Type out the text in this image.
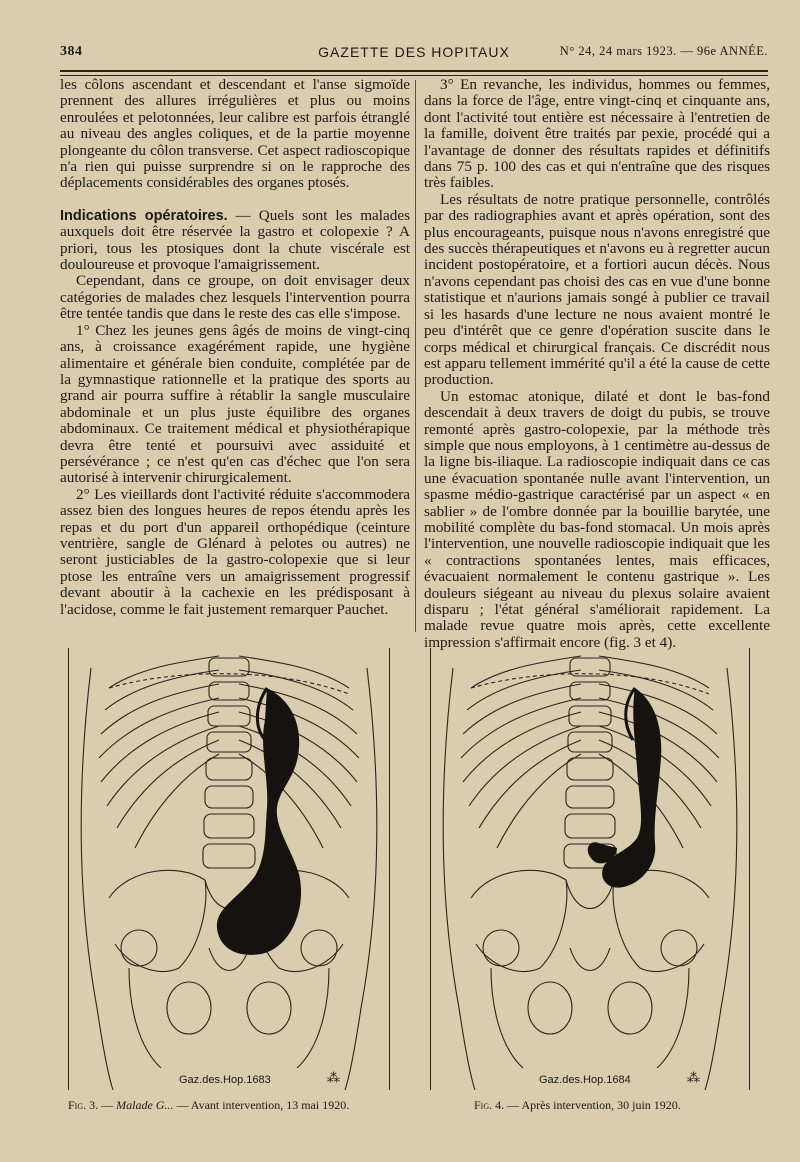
384	GAZETTE DES HOPITAUX	N° 24, 24 mars 1923. — 96e ANNÉE.

les côlons ascendant et descendant et l'anse sigmoïde prennent des allures irrégulières et plus ou moins enroulées et pelotonnées, leur calibre est parfois étranglé au niveau des angles coliques, et de la partie moyenne plongeante du côlon transverse. Cet aspect radioscopique n'a rien qui puisse surprendre si on le rapproche des déplacements considérables des organes ptosés.

Indications opératoires. — Quels sont les malades auxquels doit être réservée la gastro et colopexie ? A priori, tous les ptosiques dont la chute viscérale est douloureuse et provoque l'amaigrissement.

Cependant, dans ce groupe, on doit envisager deux catégories de malades chez lesquels l'intervention pourra être tentée tandis que dans le reste des cas elle s'impose.

1° Chez les jeunes gens âgés de moins de vingt-cinq ans, à croissance exagérément rapide, une hygiène alimentaire et générale bien conduite, complétée par de la gymnastique rationnelle et la pratique des sports au grand air pourra suffire à rétablir la sangle musculaire abdominale et un plus juste équilibre des organes abdominaux. Ce traitement médical et physiothérapique devra être tenté et poursuivi avec assiduité et persévérance ; ce n'est qu'en cas d'échec que l'on sera autorisé à intervenir chirurgicalement.

2° Les vieillards dont l'activité réduite s'accommodera assez bien des longues heures de repos étendu après les repas et du port d'un appareil orthopédique (ceinture ventrière, sangle de Glénard à pelotes ou autres) ne seront justiciables de la gastro-colopexie que si leur ptose les entraîne vers un amaigrissement progressif devant aboutir à la cachexie en les prédisposant à l'acidose, comme le fait justement remarquer Pauchet.

3° En revanche, les individus, hommes ou femmes, dans la force de l'âge, entre vingt-cinq et cinquante ans, dont l'activité tout entière est nécessaire à l'entretien de la famille, doivent être traités par pexie, procédé qui a l'avantage de donner des résultats rapides et définitifs dans 75 p. 100 des cas et qui n'entraîne que des risques très faibles.

Les résultats de notre pratique personnelle, contrôlés par des radiographies avant et après opération, sont des plus encourageants, puisque nous n'avons enregistré que des succès thérapeutiques et n'avons eu à regretter aucun incident postopératoire, et a fortiori aucun décès. Nous n'avons cependant pas choisi des cas en vue d'une bonne statistique et n'aurions jamais songé à publier ce travail si les hasards d'une lecture ne nous avaient montré le peu d'intérêt que ce genre d'opération suscite dans le corps médical et chirurgical français. Ce discrédit nous est apparu tellement immérité qu'il a été la cause de cette production.

Un estomac atonique, dilaté et dont le bas-fond descendait à deux travers de doigt du pubis, se trouve remonté après gastro-colopexie, par la méthode très simple que nous employons, à 1 centimètre au-dessus de la ligne bis-iliaque. La radioscopie indiquait dans ce cas une évacuation spontanée nulle avant l'intervention, un spasme médio-gastrique caractérisé par un aspect « en sablier » de l'ombre donnée par la bouillie barytée, une mobilité complète du bas-fond stomacal. Un mois après l'intervention, une nouvelle radioscopie indiquait que les « contractions spontanées lentes, mais efficaces, évacuaient normalement le contenu gastrique ». Les douleurs siégeant au niveau du plexus solaire avaient disparu ; l'état général s'améliorait rapidement. La malade revue quatre mois après, cette excellente impression s'affirmait encore (fig. 3 et 4).

Gaz.des.Hop.1683	⁂	Gaz.des.Hop.1684	⁂
Fig. 3. — Malade G... — Avant intervention, 13 mai 1920.	Fig. 4. — Après intervention, 30 juin 1920.
